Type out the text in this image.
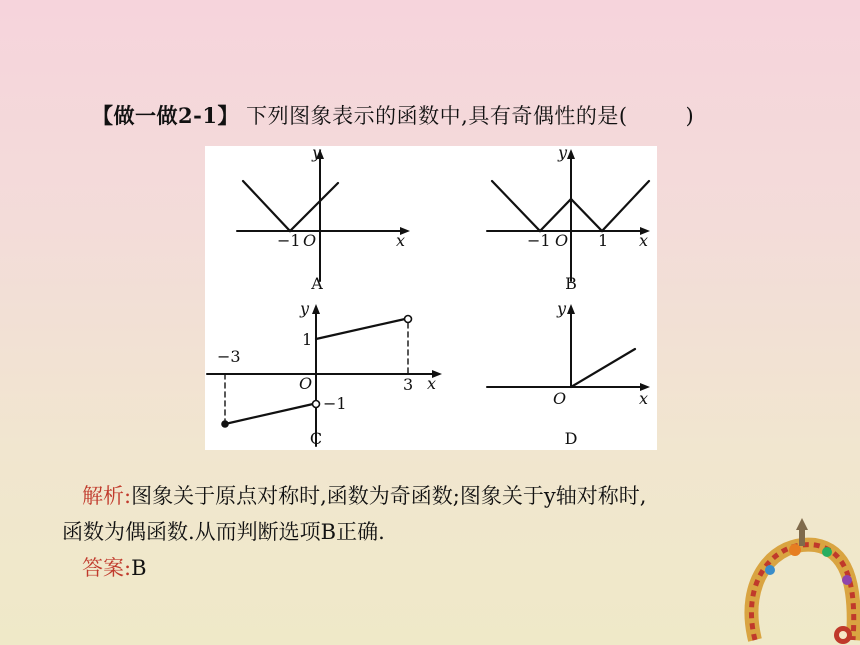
【做一做2-1】 下列图象表示的函数中,具有奇偶性的是(	)
y
x
O
−1
A
y
x
O
−1	1
B
y
x
O
−3
3
1
−1
C
y
x
O
D
解析:图象关于原点对称时,函数为奇函数;图象关于y轴对称时,
函数为偶函数.从而判断选项B正确.
答案:B
